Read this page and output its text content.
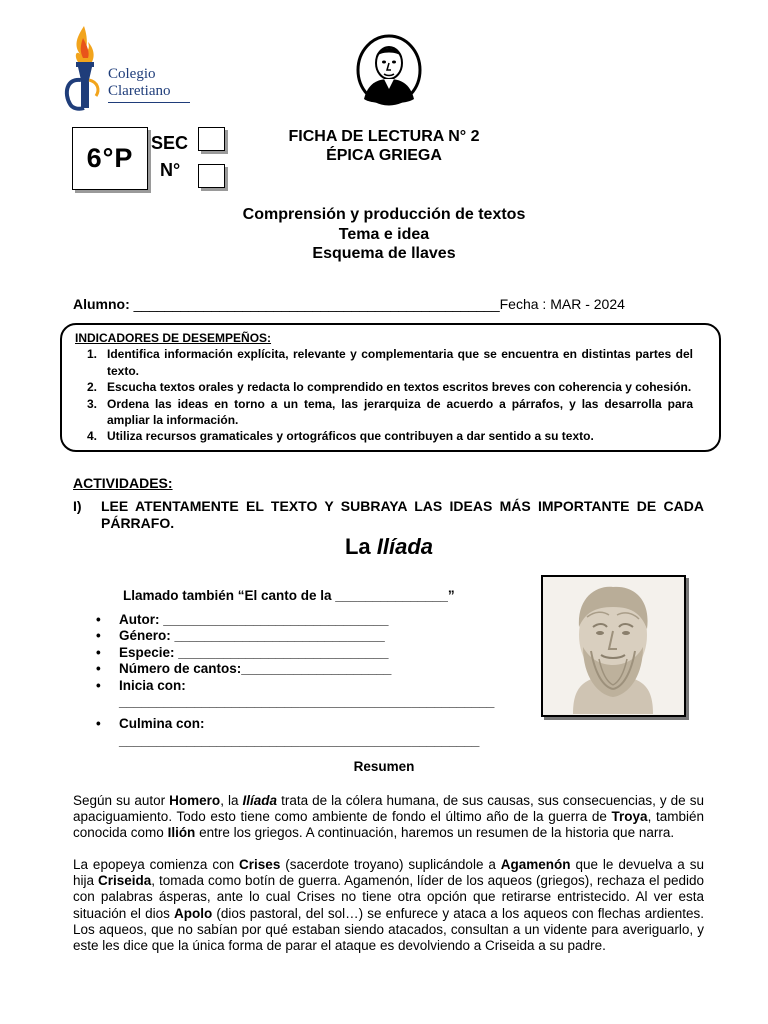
Colegio
Claretiano
6°P SEC
N°
FICHA DE LECTURA N° 2
ÉPICA GRIEGA
Comprensión y producción de textos
Tema e idea
Esquema de llaves
Alumno: _______________________________________________Fecha : MAR - 2024
INDICADORES DE DESEMPEÑOS:
1. Identifica información explícita, relevante y complementaria que se encuentra en distintas partes del texto.
2. Escucha textos orales y redacta lo comprendido en textos escritos breves con coherencia y cohesión.
3. Ordena las ideas en torno a un tema, las jerarquiza de acuerdo a párrafos, y las desarrolla para ampliar la información.
4. Utiliza recursos gramaticales y ortográficos que contribuyen a dar sentido a su texto.
ACTIVIDADES:
I)	LEE ATENTAMENTE EL TEXTO Y SUBRAYA LAS IDEAS MÁS IMPORTANTE DE CADA PÁRRAFO.
La Ilíada
Llamado también “El canto de la _______________”
•	Autor: ______________________________
•	Género: ____________________________
•	Especie: ____________________________
•	Número de cantos:____________________
•	Inicia con:
__________________________________________________
•	Culmina con:
________________________________________________
Resumen
Según su autor Homero, la Ilíada trata de la cólera humana, de sus causas, sus consecuencias, y de su apaciguamiento. Todo esto tiene como ambiente de fondo el último año de la guerra de Troya, también conocida como Ilión entre los griegos. A continuación, haremos un resumen de la historia que narra.
La epopeya comienza con Crises (sacerdote troyano) suplicándole a Agamenón que le devuelva a su hija Criseida, tomada como botín de guerra. Agamenón, líder de los aqueos (griegos), rechaza el pedido con palabras ásperas, ante lo cual Crises no tiene otra opción que retirarse entristecido. Al ver esta situación el dios Apolo (dios pastoral, del sol…) se enfurece y ataca a los aqueos con flechas ardientes. Los aqueos, que no sabían por qué estaban siendo atacados, consultan a un vidente para averiguarlo, y este les dice que la única forma de parar el ataque es devolviendo a Criseida a su padre.
